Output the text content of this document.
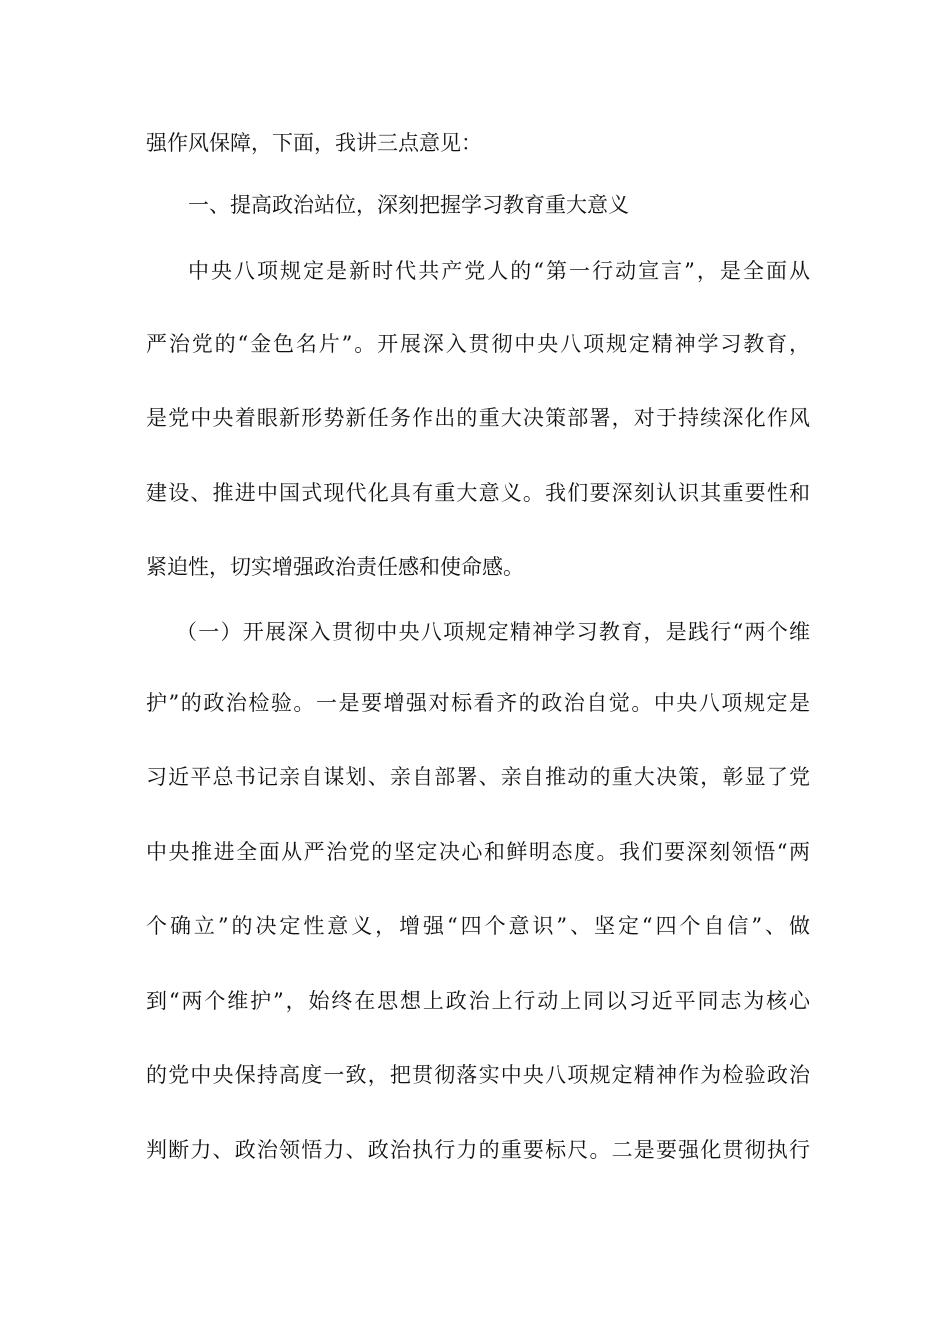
强作风保障，下面，我讲三点意见：
一、提高政治站位，深刻把握学习教育重大意义
中央八项规定是新时代共产党人的“第一行动宣言”，是全面从
严治党的“金色名片”。开展深入贯彻中央八项规定精神学习教育，
是党中央着眼新形势新任务作出的重大决策部署，对于持续深化作风
建设、推进中国式现代化具有重大意义。我们要深刻认识其重要性和
紧迫性，切实增强政治责任感和使命感。
（一）开展深入贯彻中央八项规定精神学习教育，是践行“两个维
护”的政治检验。一是要增强对标看齐的政治自觉。中央八项规定是
习近平总书记亲自谋划、亲自部署、亲自推动的重大决策，彰显了党
中央推进全面从严治党的坚定决心和鲜明态度。我们要深刻领悟“两
个确立”的决定性意义，增强“四个意识”、坚定“四个自信”、做
到“两个维护”，始终在思想上政治上行动上同以习近平同志为核心
的党中央保持高度一致，把贯彻落实中央八项规定精神作为检验政治
判断力、政治领悟力、政治执行力的重要标尺。二是要强化贯彻执行
